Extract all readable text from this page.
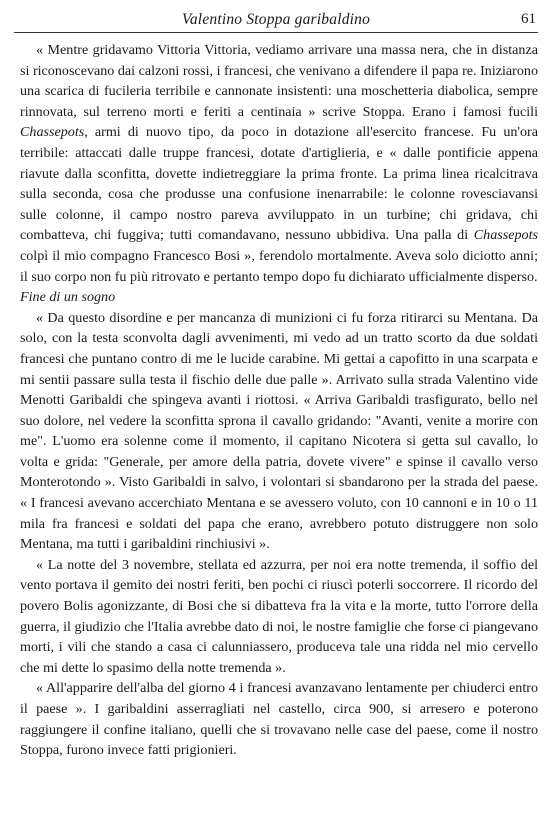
Valentino Stoppa garibaldino	61

« Mentre gridavamo Vittoria Vittoria, vediamo arrivare una massa nera, che in distanza si riconoscevano dai calzoni rossi, i francesi, che venivano a difendere il papa re. Iniziarono una scarica di fucileria terribile e cannonate insistenti: una moschetteria diabolica, sempre rinnovata, sul terreno morti e feriti a centinaia » scrive Stoppa. Erano i famosi fucili Chassepots, armi di nuovo tipo, da poco in dotazione all'esercito francese. Fu un'ora terribile: attaccati dalle truppe francesi, dotate d'artiglieria, e « dalle pontificie appena riavute dalla sconfitta, dovette indietreggiare la prima fronte. La prima linea ricalcitrava sulla seconda, cosa che produsse una confusione inenarrabile: le colonne rovesciavansi sulle colonne, il campo nostro pareva avviluppato in un turbine; chi gridava, chi combatteva, chi fuggiva; tutti comandavano, nessuno ubbidiva. Una palla di Chassepots colpì il mio compagno Francesco Bosi », ferendolo mortalmente. Aveva solo diciotto anni; il suo corpo non fu più ritrovato e pertanto tempo dopo fu dichiarato ufficialmente disperso.

Fine di un sogno

« Da questo disordine e per mancanza di munizioni ci fu forza ritirarci su Mentana. Da solo, con la testa sconvolta dagli avvenimenti, mi vedo ad un tratto scorto da due soldati francesi che puntano contro di me le lucide carabine. Mi gettai a capofitto in una scarpata e mi sentii passare sulla testa il fischio delle due palle ». Arrivato sulla strada Valentino vide Menotti Garibaldi che spingeva avanti i riottosi. « Arriva Garibaldi trasfigurato, bello nel suo dolore, nel vedere la sconfitta sprona il cavallo gridando: "Avanti, venite a morire con me". L'uomo era solenne come il momento, il capitano Nicotera si getta sul cavallo, lo volta e grida: "Generale, per amore della patria, dovete vivere" e spinse il cavallo verso Monterotondo ». Visto Garibaldi in salvo, i volontari si sbandarono per la strada del paese. « I francesi avevano accerchiato Mentana e se avessero voluto, con 10 cannoni e in 10 o 11 mila fra francesi e soldati del papa che erano, avrebbero potuto distruggere non solo Mentana, ma tutti i garibaldini rinchiusivi ».

« La notte del 3 novembre, stellata ed azzurra, per noi era notte tremenda, il soffio del vento portava il gemito dei nostri feriti, ben pochi ci riuscì poterli soccorrere. Il ricordo del povero Bolis agonizzante, di Bosi che si dibatteva fra la vita e la morte, tutto l'orrore della guerra, il giudizio che l'Italia avrebbe dato di noi, le nostre famiglie che forse ci piangevano morti, i vili che stando a casa ci calunniassero, produceva tale una ridda nel mio cervello che mi dette lo spasimo della notte tremenda ».

« All'apparire dell'alba del giorno 4 i francesi avanzavano lentamente per chiuderci entro il paese ». I garibaldini asserragliati nel castello, circa 900, si arresero e poterono raggiungere il confine italiano, quelli che si trovavano nelle case del paese, come il nostro Stoppa, furono invece fatti prigionieri.
